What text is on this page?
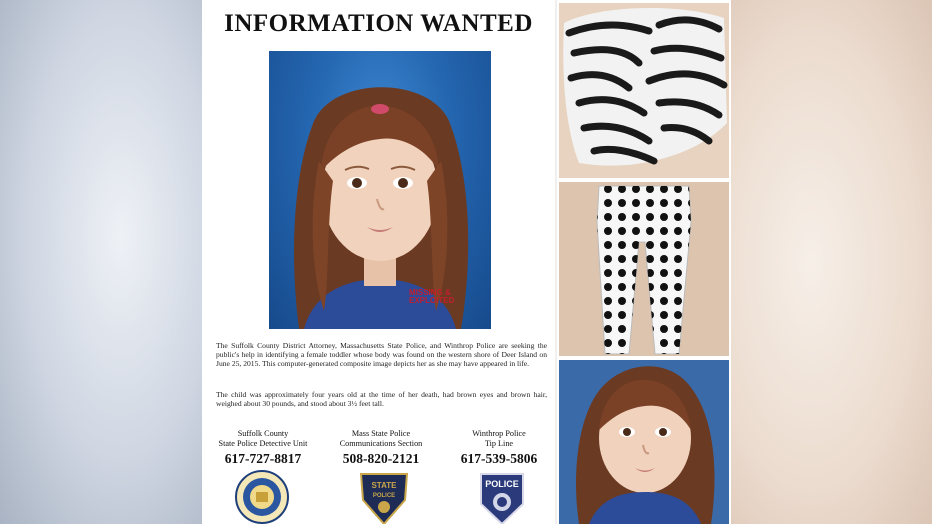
INFORMATION WANTED
MISSING & EXPLOITED

The Suffolk County District Attorney, Massachusetts State Police, and Winthrop Police are seeking the public's help in identifying a female toddler whose body was found on the western shore of Deer Island on June 25, 2015. This computer-generated composite image depicts her as she may have appeared in life.

The child was approximately four years old at the time of her death, had brown eyes and brown hair, weighed about 30 pounds, and stood about 3½ feet tall.

Suffolk County
State Police Detective Unit
617-727-8817
Mass State Police
Communications Section
508-820-2121
Winthrop Police
Tip Line
617-539-5806
STATE
POLICE
POLICE
